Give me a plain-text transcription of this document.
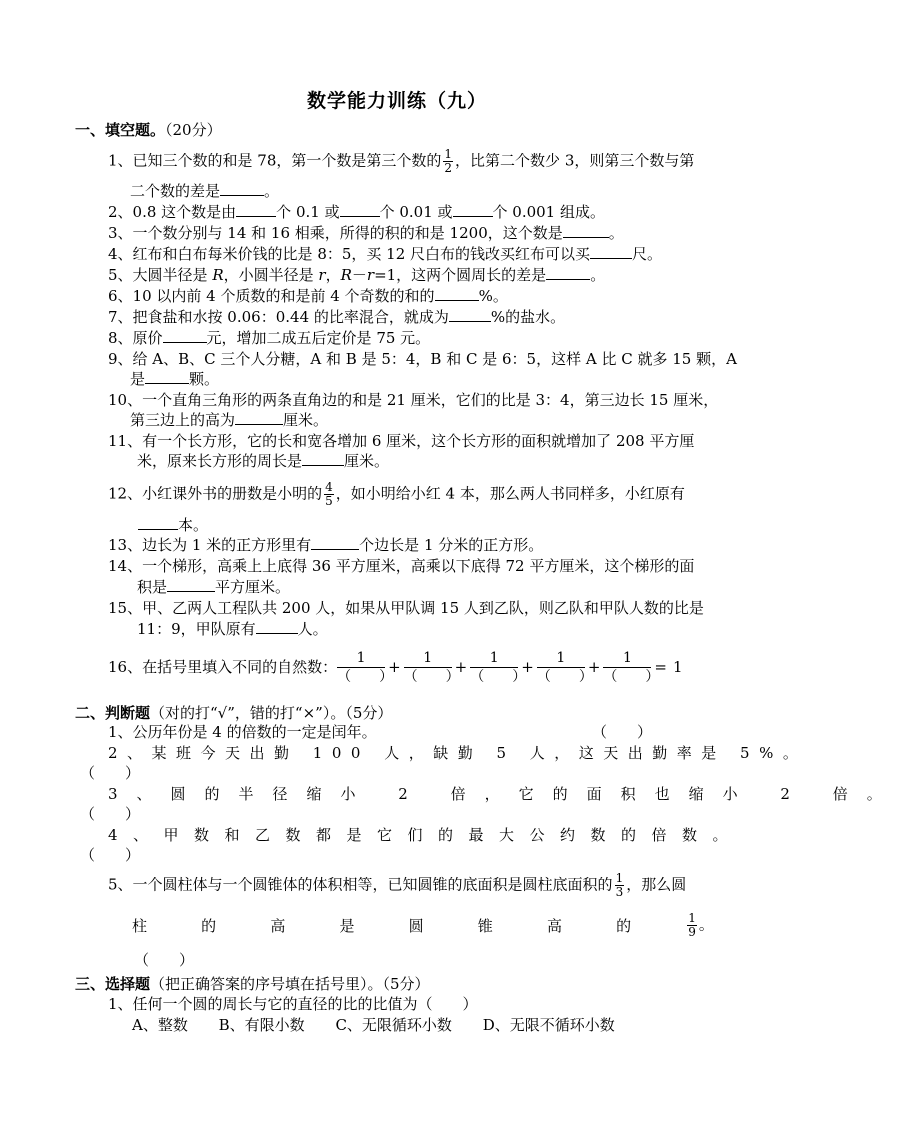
数学能力训练（九）
一、填空题。（20分）
1、已知三个数的和是 78，第一个数是第三个数的 $\frac{1}{2}$ ，比第二个数少 3，则第三个数与第
二个数的差是	。
2、0.8 这个数是由	个 0.1 或	个 0.01 或	个 0.001 组成。
3、一个数分别与 14 和 16 相乘，所得的积的和是 1200，这个数是	。
4、红布和白布每米价钱的比是 8：5，买 12 尺白布的钱改买红布可以买	尺。
5、大圆半径是 R，小圆半径是 r，R－r=1，这两个圆周长的差是	。
6、10 以内前 4 个质数的和是前 4 个奇数的和的	%。
7、把食盐和水按 0.06：0.44 的比率混合，就成为	%的盐水。
8、原价	元，增加二成五后定价是 75 元。
9、给 A、B、C 三个人分糖，A 和 B 是 5：4，B 和 C 是 6：5，这样 A 比 C 就多 15 颗，A
是	颗。
10、一个直角三角形的两条直角边的和是 21 厘米，它们的比是 3：4，第三边长 15 厘米，
第三边上的高为	厘米。
11、有一个长方形，它的长和宽各增加 6 厘米，这个长方形的面积就增加了 208 平方厘
米，原来长方形的周长是	厘米。
12、小红课外书的册数是小明的 $\frac{4}{5}$ ，如小明给小红 4 本，那么两人书同样多，小红原有
本。
13、边长为 1 米的正方形里有	个边长是 1 分米的正方形。
14、一个梯形，高乘上上底得 36 平方厘米，高乘以下底得 72 平方厘米，这个梯形的面
积是	平方厘米。
15、甲、乙两人工程队共 200 人，如果从甲队调 15 人到乙队，则乙队和甲队人数的比是
11：9，甲队原有	人。
16、在括号里填入不同的自然数：
1
（　　）
+
1
（　　）
+
1
（　　）
+
1
（　　）
+
1
（　　）
= 1
二、判断题（对的打“√”，错的打“×”）。（5分）
1、公历年份是 4 的倍数的一定是闰年。	（　　）
2、某班今天出勤 100 人，缺勤 5 人，这天出勤率是 5%。
（　　）
3、圆的半径缩小 2 倍，它的面积也缩小 2 倍。
（　　）
4、甲数和乙数都是它们的最大公约数的倍数。
（　　）
5、一个圆柱体与一个圆锥体的体积相等，已知圆锥的底面积是圆柱底面积的 $\frac{1}{3}$ ，那么圆
柱	的	高	是	圆	锥	高	的	$\frac{1}{9}$ 。
（　　）
三、选择题（把正确答案的序号填在括号里）。（5分）
1、任何一个圆的周长与它的直径的比的比值为（　　）
A、整数 B、有限小数 C、无限循环小数 D、无限不循环小数
